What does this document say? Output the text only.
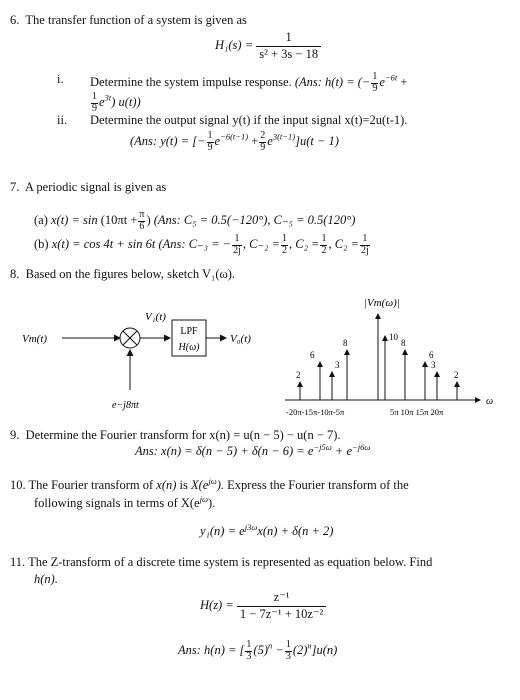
6. The transfer function of a system is given as
$H_1(s) = \frac{1}{\text{s² + 3s − 18}}$
i. Determine the system impulse response. (Ans: h(t) = (− $\frac{1}{9} e^{-6t}$ +
$\frac{1}{9} e^{3t}$) u(t))
ii. Determine the output signal y(t) if the input signal x(t)=2u(t-1).
(Ans: y(t) = [− $\frac{1}{9} e^{-6(t-1)} + \frac{2}{9} e^{3(t-1)}]u(t - 1)$
7. A periodic signal is given as
(a) $x(t) = \sin (10\pi t + \frac{\pi}{6}$ ) (Ans: C₅ = 0.5(−120°), C₋₅ = 0.5(120°)
(b) x(t) = cos 4t + sin 6t (Ans: C₋₃ = − $\frac{1}{2j}$ , $C_{-2} = \frac{1}{2}$ , $C_2 = \frac{1}{2}$ , $C_2 = \frac{1}{2j}$
8. Based on the figures below, sketch V₁(ω).
Vm(t)
V₁(t)
LPF
H(ω)
V₀(t)
e−j8πt
|Vm(ω)|
ω
2
6
3
8
10
8
6
3
2
-20π-15π-10π-5π	5π 10π 15π 20π
9. Determine the Fourier transform for x(n) = u(n − 5) − u(n − 7).
Ans: $x(n) = \delta(n - 5) + \delta(n - 6) = e^{-j5\omega} + e^{-j6\omega}$
10. The Fourier transform of x(n) is $X(e^{j\omega})$. Express the Fourier transform of the
following signals in terms of $X(e^{j\omega})$.
$y_1(n) = e^{j3\omega}x(n) + \delta(n + 2)$
11. The Z-transform of a discrete time system is represented as equation below. Find
h(n).
$H(z) = \frac{\text{z⁻¹}}{\text{1 − 7z⁻¹ + 10z⁻²}}$
Ans: h(n) = [ $\frac{1}{3} (5)^n - \frac{1}{3} (2)^n]u(n)$
